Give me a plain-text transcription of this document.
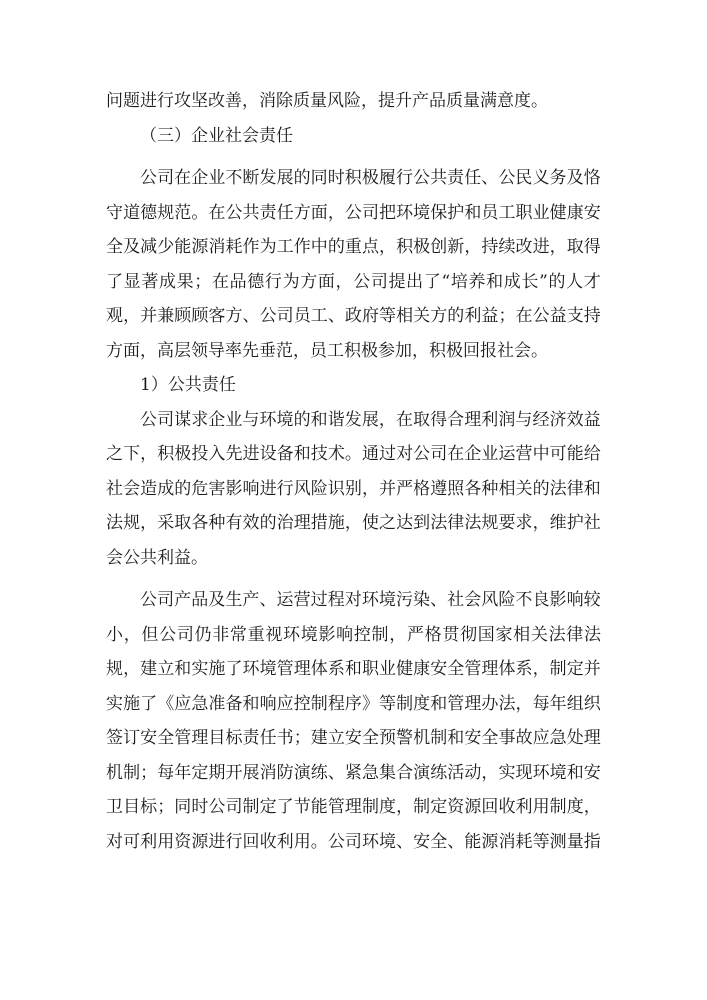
问题进行攻坚改善，消除质量风险，提升产品质量满意度。
（三）企业社会责任
公 司 在 企 业 不 断 发 展 的 同 时 积 极 履 行 公 共 责 任 、 公 民 义 务 及 恪
守 道 德 规 范 。 在 公 共 责 任 方 面 ， 公 司 把 环 境 保 护 和 员 工 职 业 健 康 安
全 及 减 少 能 源 消 耗 作 为 工 作 中 的 重 点 ， 积 极 创 新 ， 持 续 改 进 ， 取 得
了 显 著 成 果 ； 在 品 德 行 为 方 面 ， 公 司 提 出 了 “ 培 养 和 成 长 ” 的 人 才
观 ， 并 兼 顾 顾 客 方 、 公 司 员 工 、 政 府 等 相 关 方 的 利 益 ； 在 公 益 支 持
方面，高层领导率先垂范，员工积极参加，积极回报社会。
1）公共责任
公 司 谋 求 企 业 与 环 境 的 和 谐 发 展 ， 在 取 得 合 理 利 润 与 经 济 效 益
之 下 ， 积 极 投 入 先 进 设 备 和 技 术 。 通 过 对 公 司 在 企 业 运 营 中 可 能 给
社 会 造 成 的 危 害 影 响 进 行 风 险 识 别 ， 并 严 格 遵 照 各 种 相 关 的 法 律 和
法 规 ， 采 取 各 种 有 效 的 治 理 措 施 ， 使 之 达 到 法 律 法 规 要 求 ， 维 护 社
会公共利益。
公 司 产 品 及 生 产 、 运 营 过 程 对 环 境 污 染 、 社 会 风 险 不 良 影 响 较
小 ， 但 公 司 仍 非 常 重 视 环 境 影 响 控 制 ， 严 格 贯 彻 国 家 相 关 法 律 法
规 ， 建 立 和 实 施 了 环 境 管 理 体 系 和 职 业 健 康 安 全 管 理 体 系 ， 制 定 并
实 施 了 《 应 急 准 备 和 响 应 控 制 程 序 》 等 制 度 和 管 理 办 法 ， 每 年 组 织
签 订 安 全 管 理 目 标 责 任 书 ； 建 立 安 全 预 警 机 制 和 安 全 事 故 应 急 处 理
机 制 ； 每 年 定 期 开 展 消 防 演 练 、 紧 急 集 合 演 练 活 动 ， 实 现 环 境 和 安
卫 目 标 ； 同 时 公 司 制 定 了 节 能 管 理 制 度 ， 制 定 资 源 回 收 利 用 制 度 ，
对 可 利 用 资 源 进 行 回 收 利 用 。 公 司 环 境 、 安 全 、 能 源 消 耗 等 测 量 指
